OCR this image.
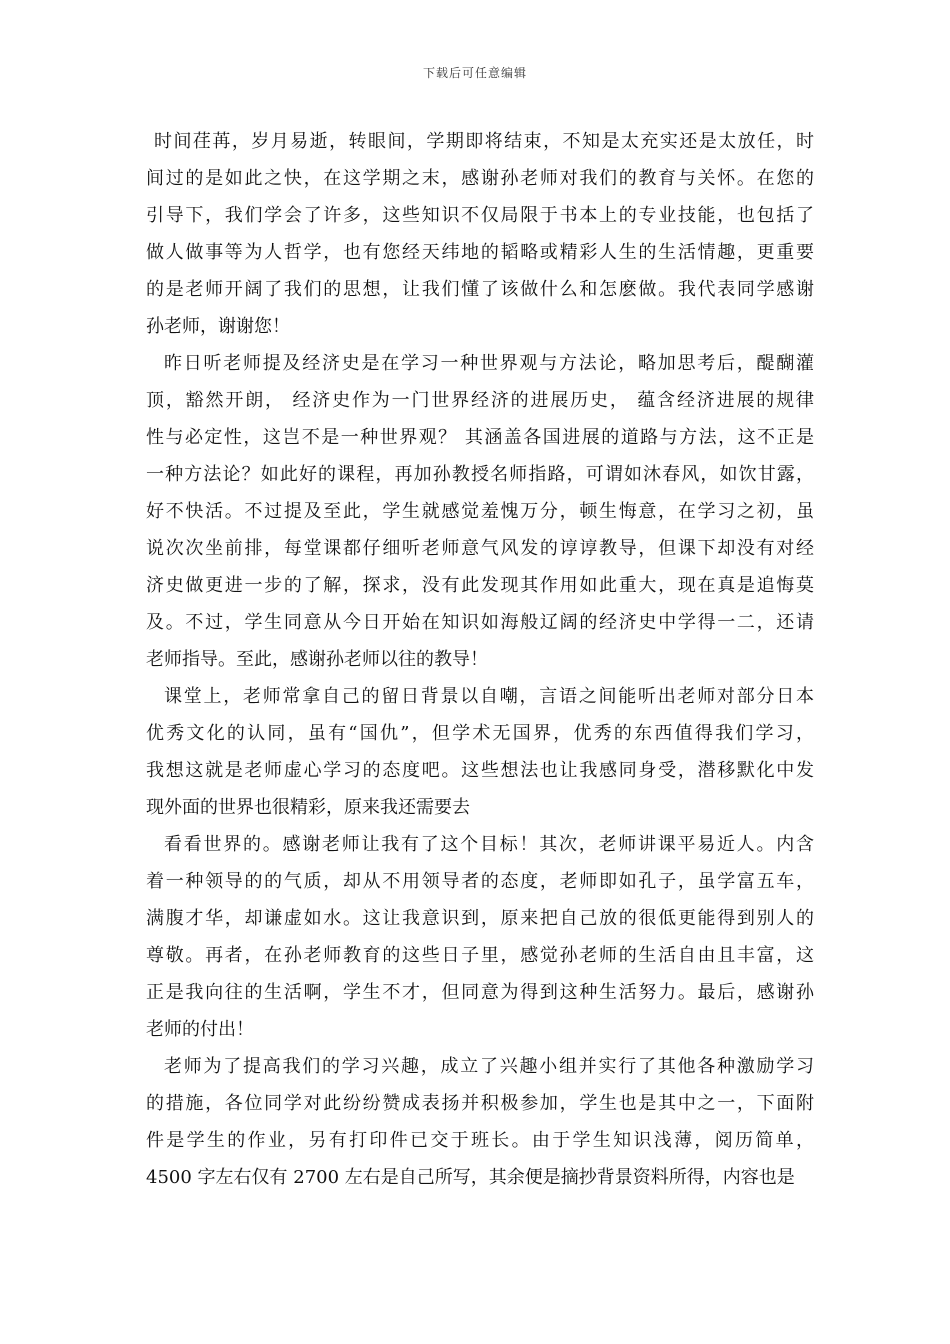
下载后可任意编辑
时间荏苒，岁月易逝，转眼间，学期即将结束，不知是太充实还是太放任，时
间过的是如此之快，在这学期之末，感谢孙老师对我们的教育与关怀。在您的
引导下，我们学会了许多，这些知识不仅局限于书本上的专业技能，也包括了
做人做事等为人哲学，也有您经天纬地的韬略或精彩人生的生活情趣，更重要
的是老师开阔了我们的思想，让我们懂了该做什么和怎麽做。我代表同学感谢
孙老师，谢谢您！
昨日听老师提及经济史是在学习一种世界观与方法论，略加思考后，醍醐灌
顶，豁然开朗， 经济史作为一门世界经济的进展历史， 蕴含经济进展的规律
性与必定性，这岂不是一种世界观？ 其涵盖各国进展的道路与方法，这不正是
一种方法论？如此好的课程，再加孙教授名师指路，可谓如沐春风，如饮甘露，
好不快活。不过提及至此，学生就感觉羞愧万分，顿生悔意，在学习之初，虽
说次次坐前排，每堂课都仔细听老师意气风发的谆谆教导，但课下却没有对经
济史做更进一步的了解，探求，没有此发现其作用如此重大，现在真是追悔莫
及。不过，学生同意从今日开始在知识如海般辽阔的经济史中学得一二，还请
老师指导。至此，感谢孙老师以往的教导！
课堂上，老师常拿自己的留日背景以自嘲，言语之间能听出老师对部分日本
优秀文化的认同，虽有“国仇”，但学术无国界，优秀的东西值得我们学习，
我想这就是老师虚心学习的态度吧。这些想法也让我感同身受，潜移默化中发
现外面的世界也很精彩，原来我还需要去
看看世界的。感谢老师让我有了这个目标！其次，老师讲课平易近人。内含
着一种领导的的气质，却从不用领导者的态度，老师即如孔子，虽学富五车，
满腹才华，却谦虚如水。这让我意识到，原来把自己放的很低更能得到别人的
尊敬。再者，在孙老师教育的这些日子里，感觉孙老师的生活自由且丰富，这
正是我向往的生活啊，学生不才，但同意为得到这种生活努力。最后，感谢孙
老师的付出！
老师为了提高我们的学习兴趣，成立了兴趣小组并实行了其他各种激励学习
的措施，各位同学对此纷纷赞成表扬并积极参加，学生也是其中之一，下面附
件是学生的作业，另有打印件已交于班长。由于学生知识浅薄，阅历简单，
4500 字左右仅有 2700 左右是自己所写，其余便是摘抄背景资料所得，内容也是
